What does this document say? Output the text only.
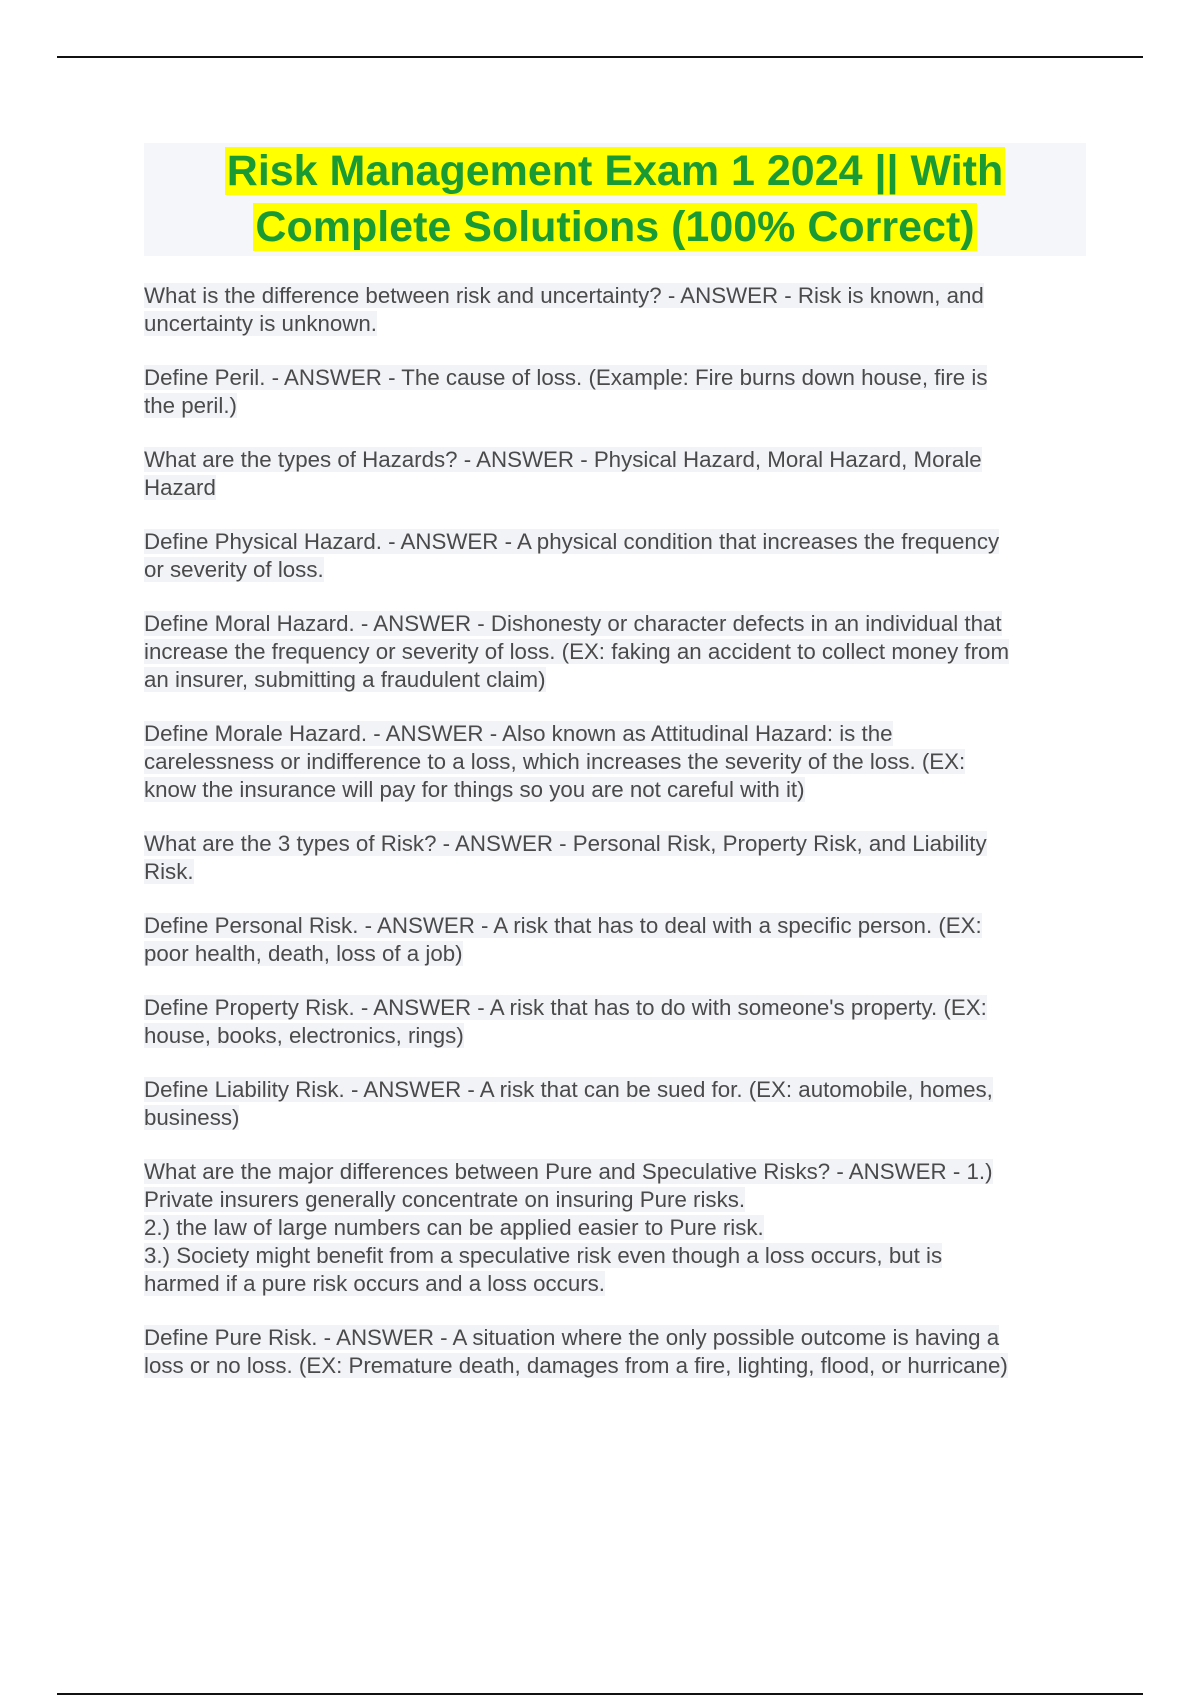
Risk Management Exam 1 2024 || With
Complete Solutions (100% Correct)
What is the difference between risk and uncertainty? - ANSWER - Risk is known, and
uncertainty is unknown.
Define Peril. - ANSWER - The cause of loss. (Example: Fire burns down house, fire is
the peril.)
What are the types of Hazards? - ANSWER - Physical Hazard, Moral Hazard, Morale
Hazard
Define Physical Hazard. - ANSWER - A physical condition that increases the frequency
or severity of loss.
Define Moral Hazard. - ANSWER - Dishonesty or character defects in an individual that
increase the frequency or severity of loss. (EX: faking an accident to collect money from
an insurer, submitting a fraudulent claim)
Define Morale Hazard. - ANSWER - Also known as Attitudinal Hazard: is the
carelessness or indifference to a loss, which increases the severity of the loss. (EX:
know the insurance will pay for things so you are not careful with it)
What are the 3 types of Risk? - ANSWER - Personal Risk, Property Risk, and Liability
Risk.
Define Personal Risk. - ANSWER - A risk that has to deal with a specific person. (EX:
poor health, death, loss of a job)
Define Property Risk. - ANSWER - A risk that has to do with someone's property. (EX:
house, books, electronics, rings)
Define Liability Risk. - ANSWER - A risk that can be sued for. (EX: automobile, homes,
business)
What are the major differences between Pure and Speculative Risks? - ANSWER - 1.)
Private insurers generally concentrate on insuring Pure risks.
2.) the law of large numbers can be applied easier to Pure risk.
3.) Society might benefit from a speculative risk even though a loss occurs, but is
harmed if a pure risk occurs and a loss occurs.
Define Pure Risk. - ANSWER - A situation where the only possible outcome is having a
loss or no loss. (EX: Premature death, damages from a fire, lighting, flood, or hurricane)
